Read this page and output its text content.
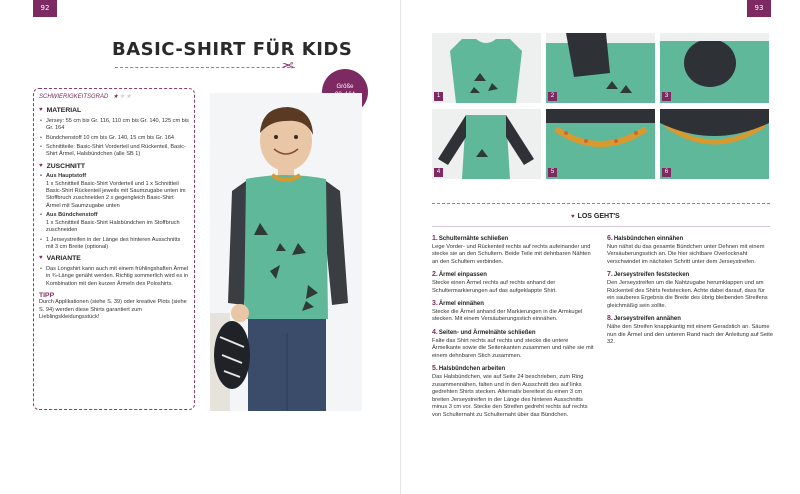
92
BASIC-SHIRT FÜR KIDS
✂
Größe
SCHWIERIGKEITSGRAD ★★★
♥ MATERIAL
• Jersey: 55 cm bis Gr. 116, 110 cm bis Gr. 140, 125 cm bis Gr. 164
• Bündchenstoff 10 cm bis Gr. 140, 15 cm bis Gr. 164
• Schnittteile: Basic-Shirt Vorderteil und Rückenteil, Basic-Shirt Ärmel, Halsbündchen (alle SB 1)
♥ ZUSCHNITT
• Aus Hauptstoff
1 x Schnittteil Basic-Shirt Vorderteil und 1 x Schnittteil Basic-Shirt Rückenteil jeweils mit Saumzugabe unten im Stoffbruch zuschneiden 2 x gegengleich Basic-Shirt Ärmel mit Saumzugabe unten
• Aus Bündchenstoff
1 x Schnittteil Basic-Shirt Halsbündchen im Stoffbruch zuschneiden
• 1 Jerseystreifen in der Länge des hinteren Ausschnitts mit 3 cm Breite (optional)
♥ VARIANTE
• Das Longshirt kann auch mit einem frühlingshaften Ärmel in ¾-Länge genäht werden. Richtig sommerlich wird es in Kombination mit den kurzen Ärmeln des Poloshirts.
TIPP
Durch Applikationen (siehe S. 39) oder kreative Plots (siehe S. 94) werden diese Shirts garantiert zum Lieblingskleidungsstück!
93
1	2	3
4	5	6
♥ LOS GEHT'S
1.Schulternähte schließen
Lege Vorder- und Rückenteil rechts auf rechts aufeinander und stecke sie an den Schultern. Beide Teile mit dehnbaren Nähten an den Schultern verbinden.
2.Ärmel einpassen
Stecke einen Ärmel rechts auf rechts anhand der Schultermarkierungen auf das aufgeklappte Shirt.
3.Ärmel einnähen
Stecke die Ärmel anhand der Markierungen in die Armkugel stecken. Mit einem Versäuberungsstich einnähen.
4.Seiten- und Ärmelnähte schließen
Falte das Shirt rechts auf rechts und stecke die untere Ärmelkante sowie die Seitenkanten zusammen und nähe sie mit einem dehnbaren Stich zusammen.
5.Halsbündchen arbeiten
Das Halsbündchen, wie auf Seite 24 beschrieben, zum Ring zusammennähen, falten und in den Ausschnitt des auf links gedrehten Shirts stecken. Alternativ bereitest du einen 3 cm breiten Jerseystreifen in der Länge des hinteren Ausschnitts minus 3 cm vor. Stecke den Streifen gedreht rechts auf rechts von Schulternaht zu Schulternaht über das Bündchen.
6.Halsbündchen einnähen
Nun nähst du das gesamte Bündchen unter Dehnen mit einem Versäuberungsstich an. Die hier sichtbare Overlocknaht verschwindet im nächsten Schritt unter dem Jerseystreifen.
7.Jerseystreifen feststecken
Den Jerseystreifen um die Nahtzugabe herumklappen und am Rückenteil des Shirts feststecken. Achte dabei darauf, dass für ein sauberes Ergebnis die Breite des übrig bleibenden Streifens gleichmäßig sein sollte.
8.Jerseystreifen annähen
Nähe den Streifen knappkantig mit einem Geradstich an. Säume nun die Ärmel und den unteren Rand nach der Anleitung auf Seite 32.
